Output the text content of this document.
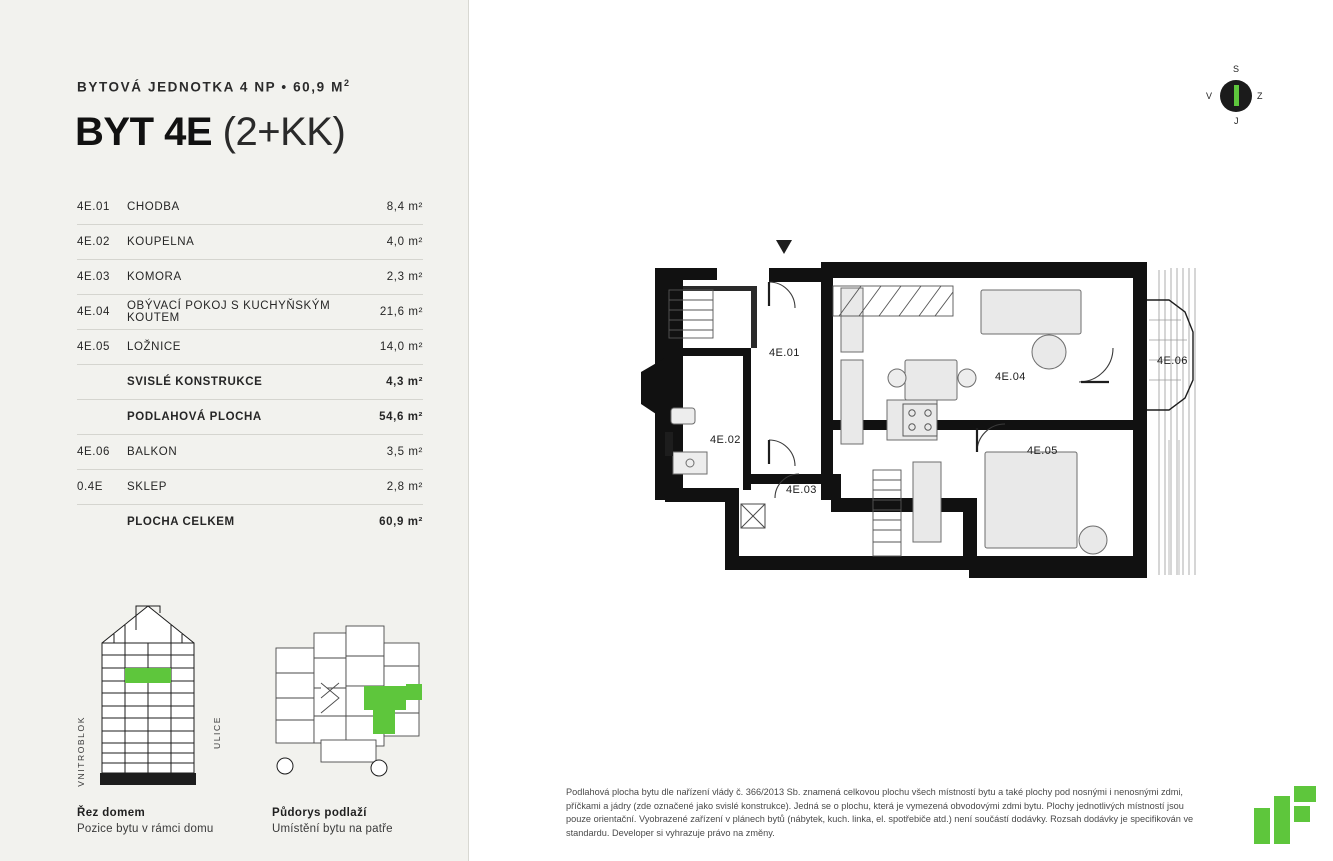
BYTOVÁ JEDNOTKA 4 NP • 60,9 $M^2$
BYT 4E (2+KK)
4E.01	CHODBA	8,4 m²
4E.02	KOUPELNA	4,0 m²
4E.03	KOMORA	2,3 m²
4E.04	OBÝVACÍ POKOJ S KUCHYŇSKÝM KOUTEM	21,6 m²
4E.05	LOŽNICE	14,0 m²
SVISLÉ KONSTRUKCE	4,3 m²
PODLAHOVÁ PLOCHA	54,6 m²
4E.06	BALKON	3,5 m²
0.4E	SKLEP	2,8 m²
PLOCHA CELKEM	60,9 m²
VNITROBLOK	ULICE
Řez domem
Pozice bytu v rámci domu
Půdorys podlaží
Umístění bytu na patře
S
Z
J
V
4E.01
4E.02
4E.03
4E.04
4E.05
4E.06
Podlahová plocha bytu dle nařízení vlády č. 366/2013 Sb. znamená celkovou plochu všech místností bytu a také plochy pod nosnými i nenosnými zdmi, příčkami a jádry (zde označené jako svislé konstrukce). Jedná se o plochu, která je vymezená obvodovými zdmi bytu. Plochy jednotlivých místností jsou pouze orientační. Vyobrazené zařízení v plánech bytů (nábytek, kuch. linka, el. spotřebiče atd.) není součástí dodávky. Rozsah dodávky je specifikován ve standardu. Developer si vyhrazuje právo na změny.
